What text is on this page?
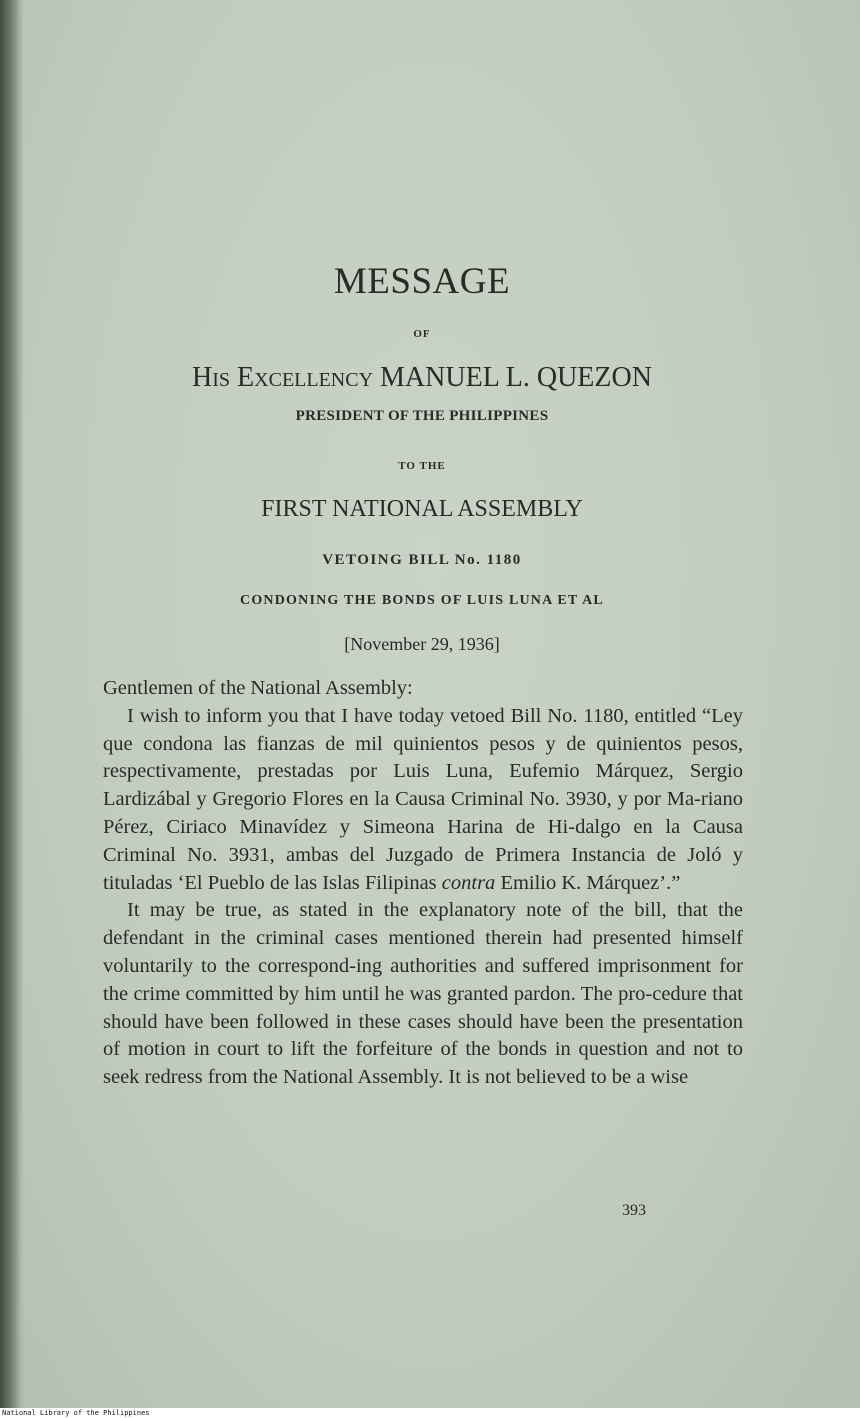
MESSAGE
OF
His Excellency MANUEL L. QUEZON
PRESIDENT OF THE PHILIPPINES
TO THE
FIRST NATIONAL ASSEMBLY
VETOING BILL No. 1180
CONDONING THE BONDS OF LUIS LUNA ET AL
[November 29, 1936]

Gentlemen of the National Assembly:

I wish to inform you that I have today vetoed Bill No. 1180, entitled “Ley que condona las fianzas de mil quinientos pesos y de quinientos pesos, respectivamente, prestadas por Luis Luna, Eufemio Márquez, Sergio Lardizábal y Gregorio Flores en la Causa Criminal No. 3930, y por Ma-riano Pérez, Ciriaco Minavídez y Simeona Harina de Hi-dalgo en la Causa Criminal No. 3931, ambas del Juzgado de Primera Instancia de Joló y tituladas ‘El Pueblo de las Islas Filipinas contra Emilio K. Márquez’.”

It may be true, as stated in the explanatory note of the bill, that the defendant in the criminal cases mentioned therein had presented himself voluntarily to the correspond-ing authorities and suffered imprisonment for the crime committed by him until he was granted pardon. The pro-cedure that should have been followed in these cases should have been the presentation of motion in court to lift the forfeiture of the bonds in question and not to seek redress from the National Assembly. It is not believed to be a wise

393
National Library of the Philippines
